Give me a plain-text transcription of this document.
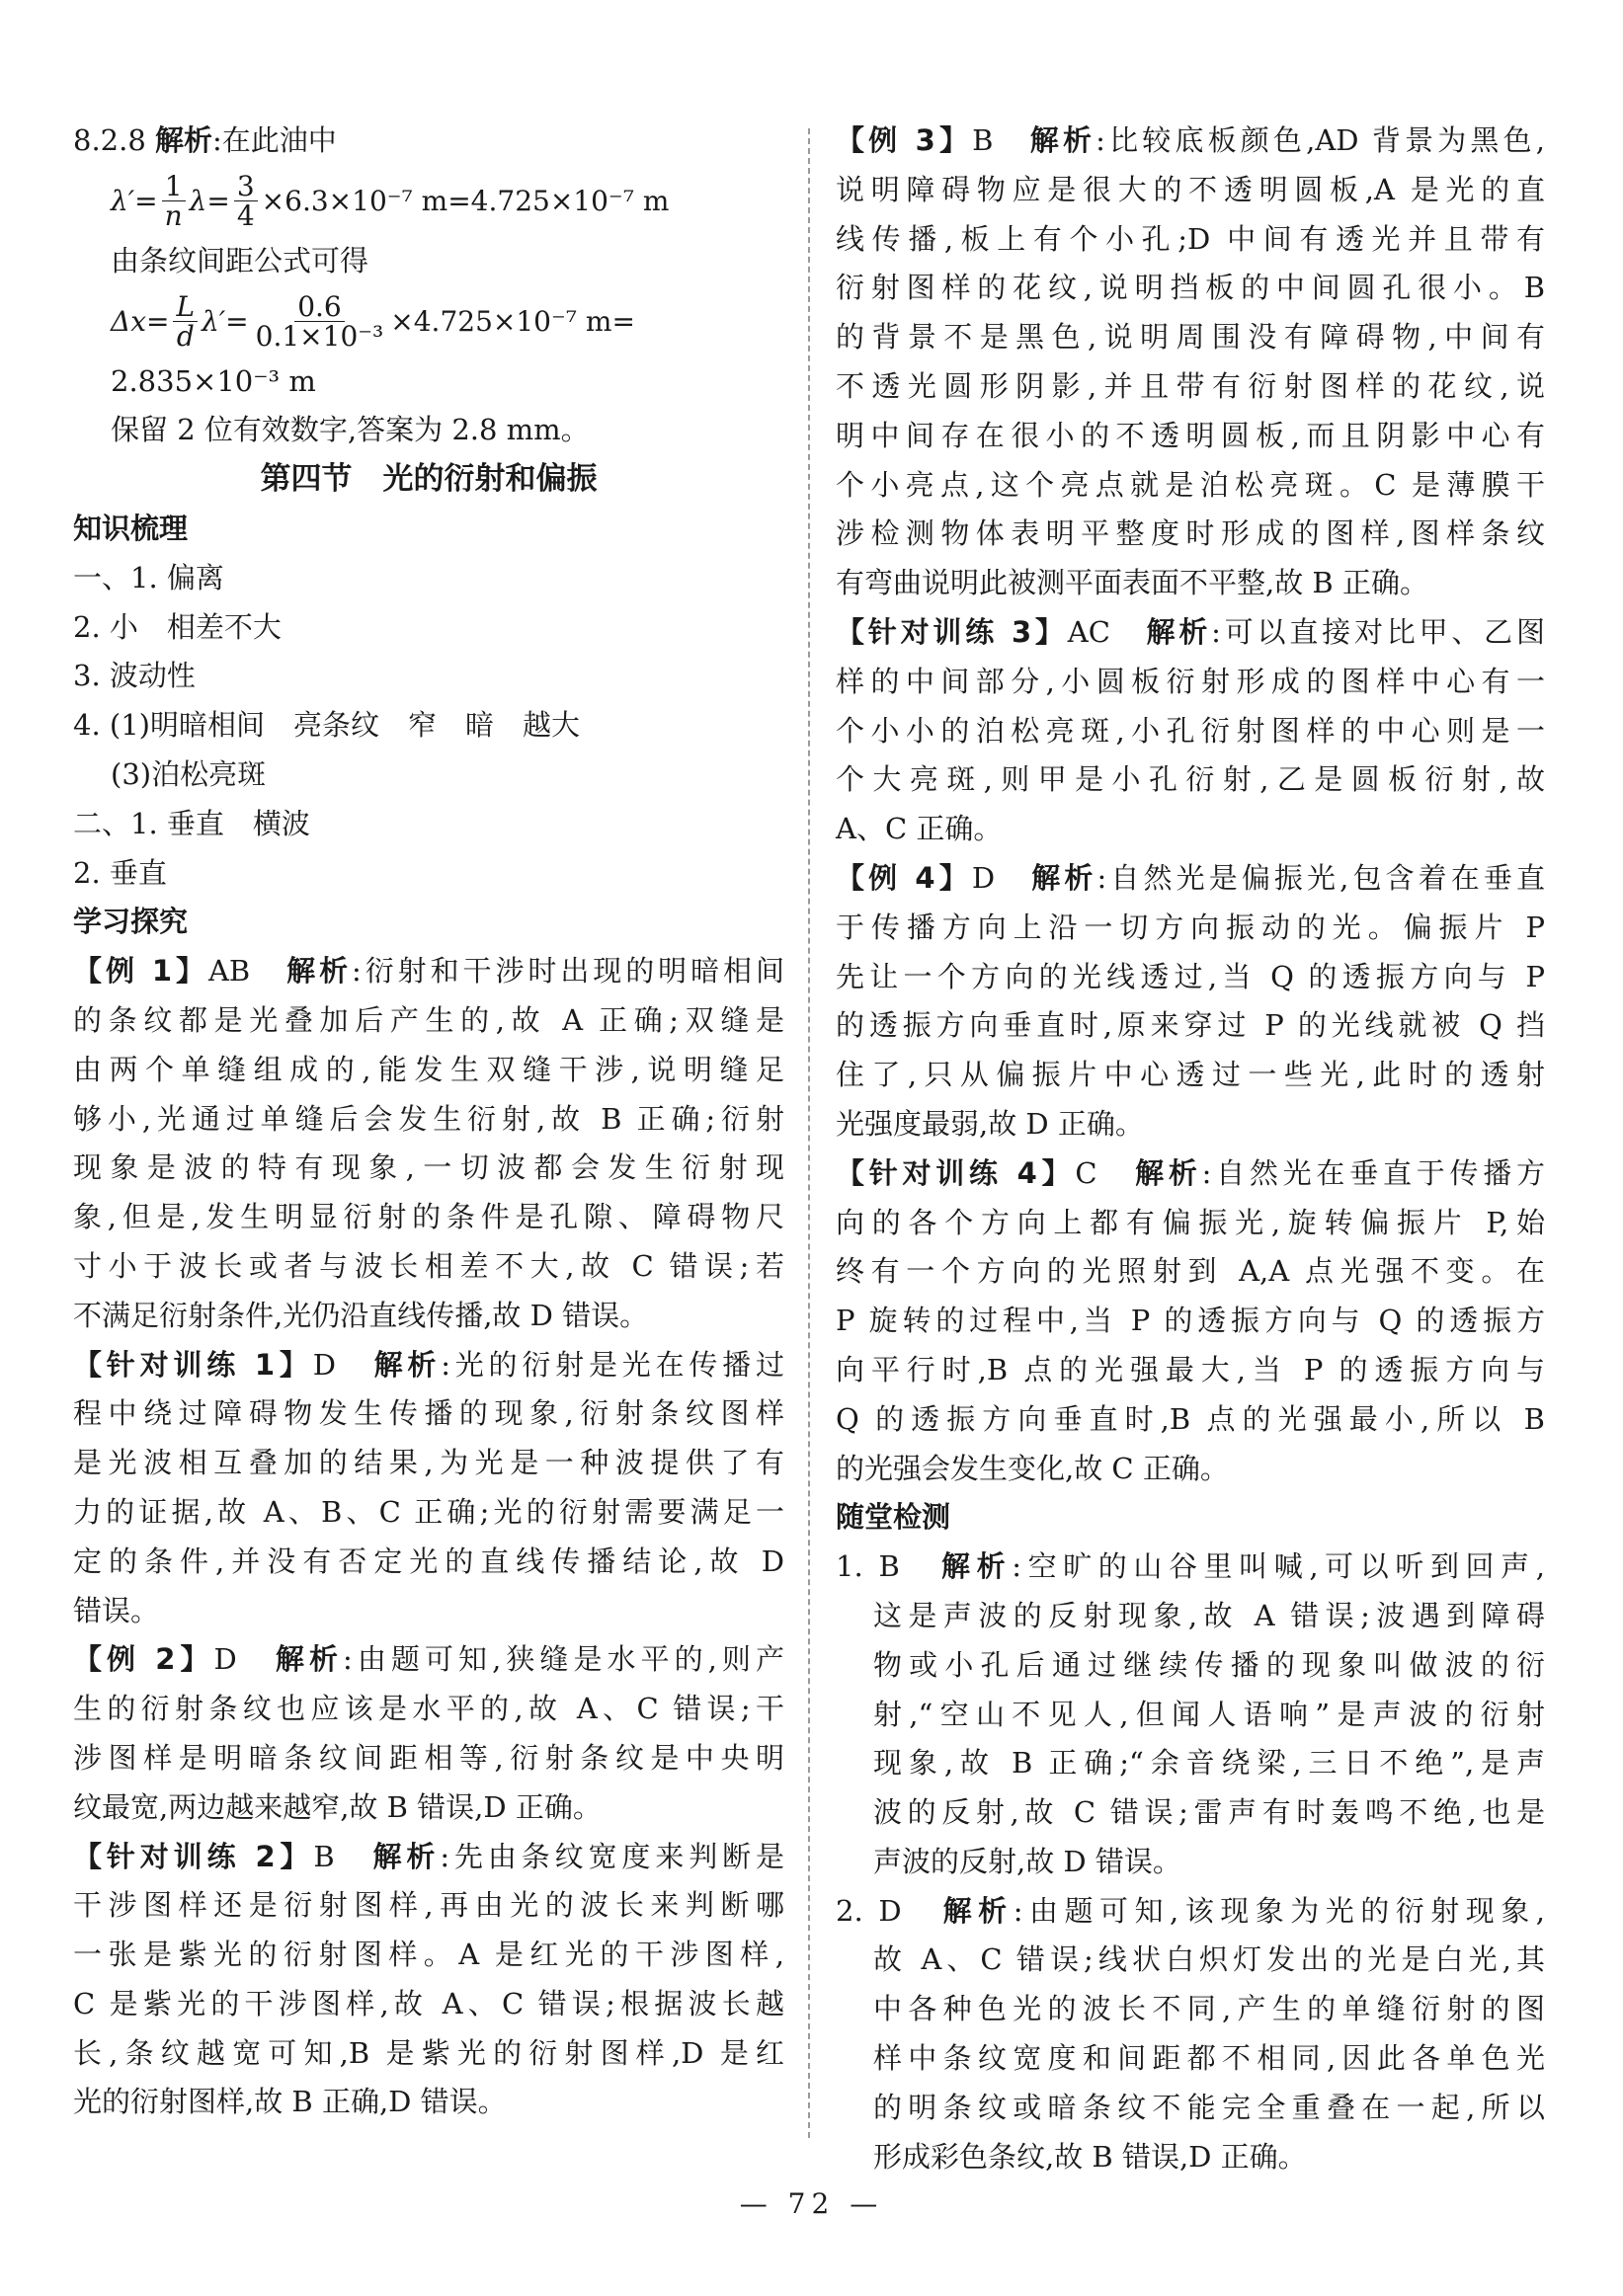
8.2.8 解析:在此油中
$\lambda'= \frac{1}{n} \lambda= \frac{3}{4} \times 6.3\times 10^{-7}$ m=4.725×10⁻⁷ m
由条纹间距公式可得
$\Delta x= \frac{L}{d} \lambda'= \frac{0.6}{\text{0.1×10⁻³}} \times 4.725\times 10^{-7}$ m=
2.835×10⁻³ m
保留 2 位有效数字,答案为 2.8 mm。
第四节　光的衍射和偏振
知识梳理
一、1. 偏离
2. 小　相差不大
3. 波动性
4. (1)明暗相间　亮条纹　窄　暗　越大
(3)泊松亮斑
二、1. 垂直　横波
2. 垂直
学习探究
【例 1】AB　 解析:衍射和干涉时出现的明暗相间
的条纹都是光叠加后产生的,故 A 正确;双缝是
由两个单缝组成的,能发生双缝干涉,说明缝足
够小,光通过单缝后会发生衍射,故 B 正确;衍射
现象是波的特有现象,一切波都会发生衍射现
象,但是,发生明显衍射的条件是孔隙、障碍物尺
寸小于波长或者与波长相差不大,故 C 错误;若
不满足衍射条件,光仍沿直线传播,故 D 错误。
【针对训练 1】D　 解析:光的衍射是光在传播过
程中绕过障碍物发生传播的现象,衍射条纹图样
是光波相互叠加的结果,为光是一种波提供了有
力的证据,故 A、B、C 正确;光的衍射需要满足一
定的条件,并没有否定光的直线传播结论,故 D
错误。
【例 2】D　 解析:由题可知,狭缝是水平的,则产
生的衍射条纹也应该是水平的,故 A、C 错误;干
涉图样是明暗条纹间距相等,衍射条纹是中央明
纹最宽,两边越来越窄,故 B 错误,D 正确。
【针对训练 2】B　 解析:先由条纹宽度来判断是
干涉图样还是衍射图样,再由光的波长来判断哪
一张是紫光的衍射图样。A 是红光的干涉图样,
C 是紫光的干涉图样,故 A、C 错误;根据波长越
长,条纹越宽可知,B 是紫光的衍射图样,D 是红
光的衍射图样,故 B 正确,D 错误。
【例 3】B　 解析:比较底板颜色,AD 背景为黑色,
说明障碍物应是很大的不透明圆板,A 是光的直
线传播,板上有个小孔;D 中间有透光并且带有
衍射图样的花纹,说明挡板的中间圆孔很小。B
的背景不是黑色,说明周围没有障碍物,中间有
不透光圆形阴影,并且带有衍射图样的花纹,说
明中间存在很小的不透明圆板,而且阴影中心有
个小亮点,这个亮点就是泊松亮斑。C 是薄膜干
涉检测物体表明平整度时形成的图样,图样条纹
有弯曲说明此被测平面表面不平整,故 B 正确。
【针对训练 3】AC　 解析:可以直接对比甲、乙图
样的中间部分,小圆板衍射形成的图样中心有一
个小小的泊松亮斑,小孔衍射图样的中心则是一
个大亮斑,则甲是小孔衍射,乙是圆板衍射,故
A、C 正确。
【例 4】D　 解析:自然光是偏振光,包含着在垂直
于传播方向上沿一切方向振动的光。偏振片 P
先让一个方向的光线透过,当 Q 的透振方向与 P
的透振方向垂直时,原来穿过 P 的光线就被 Q 挡
住了,只从偏振片中心透过一些光,此时的透射
光强度最弱,故 D 正确。
【针对训练 4】C　 解析:自然光在垂直于传播方
向的各个方向上都有偏振光,旋转偏振片 P,始
终有一个方向的光照射到 A,A 点光强不变。在
P 旋转的过程中,当 P 的透振方向与 Q 的透振方
向平行时,B 点的光强最大,当 P 的透振方向与
Q 的透振方向垂直时,B 点的光强最小,所以 B
的光强会发生变化,故 C 正确。
随堂检测
1. B　 解析:空旷的山谷里叫喊,可以听到回声,
这是声波的反射现象,故 A 错误;波遇到障碍
物或小孔后通过继续传播的现象叫做波的衍
射,“空山不见人,但闻人语响”是声波的衍射
现象,故 B 正确;“余音绕梁,三日不绝”,是声
波的反射,故 C 错误;雷声有时轰鸣不绝,也是
声波的反射,故 D 错误。
2. D　 解析:由题可知,该现象为光的衍射现象,
故 A、C 错误;线状白炽灯发出的光是白光,其
中各种色光的波长不同,产生的单缝衍射的图
样中条纹宽度和间距都不相同,因此各单色光
的明条纹或暗条纹不能完全重叠在一起,所以
形成彩色条纹,故 B 错误,D 正确。
— 72 —
